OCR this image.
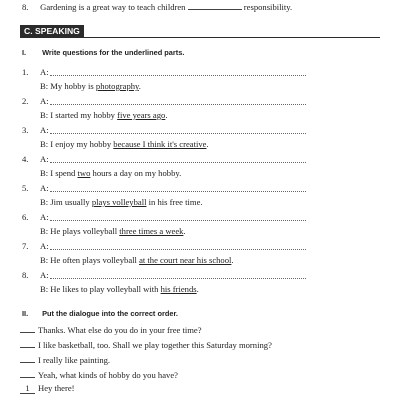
8. Gardening is a great way to teach children	responsibility.
C. SPEAKING
I. Write questions for the underlined parts.
1. A:
B: My hobby is photography.
2. A:
B: I started my hobby five years ago.
3. A:
B: I enjoy my hobby because I think it's creative.
4. A:
B: I spend two hours a day on my hobby.
5. A:
B: Jim usually plays volleyball in his free time.
6. A:
B: He plays volleyball three times a week.
7. A:
B: He often plays volleyball at the court near his school.
8. A:
B: He likes to play volleyball with his friends.
II. Put the dialogue into the correct order.
Thanks. What else do you do in your free time?
I like basketball, too. Shall we play together this Saturday morning?
I really like painting.
Yeah, what kinds of hobby do you have?
1 Hey there!
